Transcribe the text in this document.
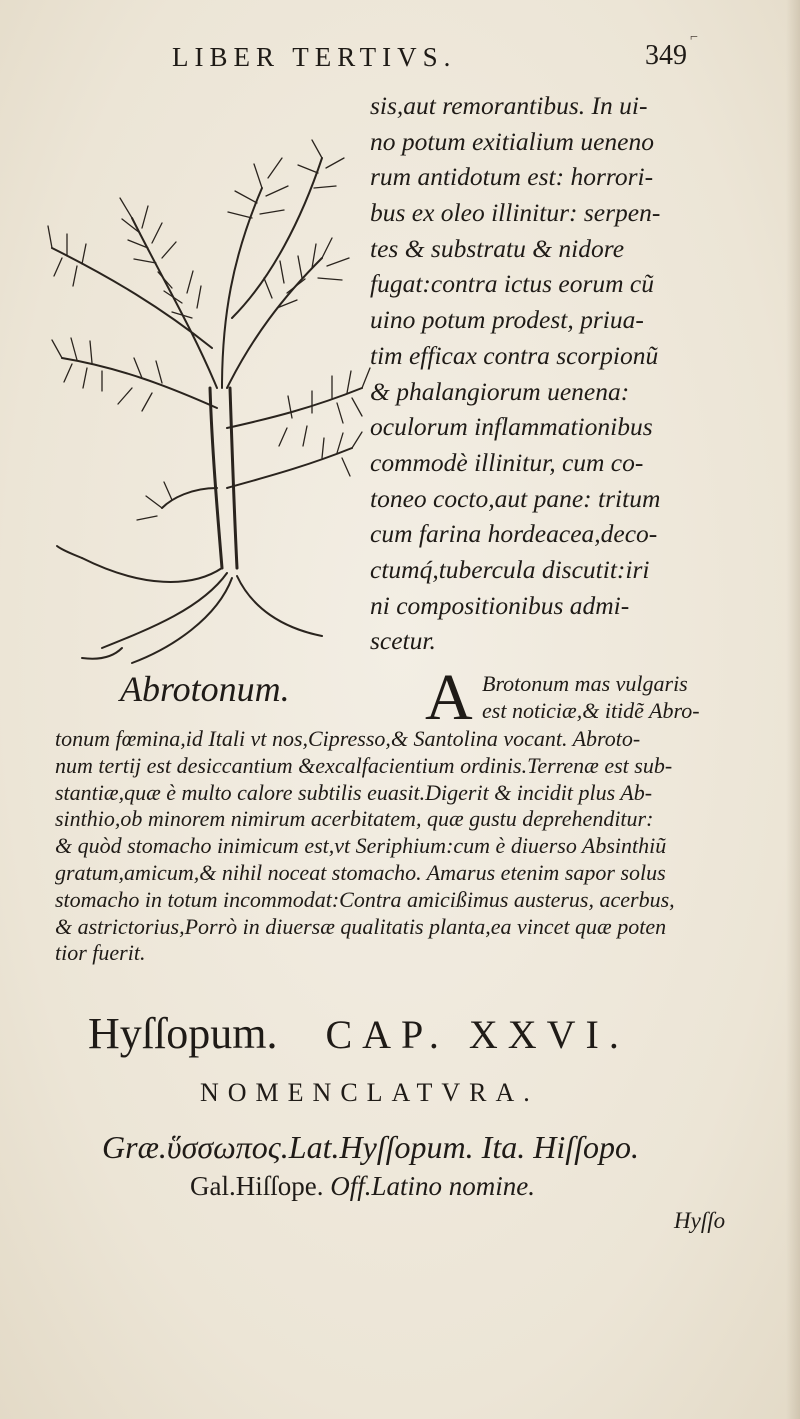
LIBER TERTIVS.	349
⌐
sis,aut remorantibus. In ui-
no potum exitialium ueneno
rum antidotum est: horrori-
bus ex oleo illinitur: serpen-
tes & substratu & nidore
fugat:contra ictus eorum cũ
uino potum prodest, priua-
tim efficax contra scorpionũ
& phalangiorum uenena:
oculorum inflammationibus
commodè illinitur, cum co-
toneo cocto,aut pane: tritum
cum farina hordeacea,deco-
ctumq́,tubercula discutit:iri
ni compositionibus admi-
scetur.
Abrotonum. A Brotonum mas vulgaris
est noticiæ,& itidẽ Abro-
tonum fœmina,id Itali vt nos,Cipresso,& Santolina vocant. Abroto-
num tertij est desiccantium &excalfacientium ordinis.Terrenæ est sub-
stantiæ,quæ è multo calore subtilis euasit.Digerit & incidit plus Ab-
sinthio,ob minorem nimirum acerbitatem, quæ gustu deprehenditur:
& quòd stomacho inimicum est,vt Seriphium:cum è diuerso Absinthiũ
gratum,amicum,& nihil noceat stomacho. Amarus etenim sapor solus
stomacho in totum incommodat:Contra amicißimus austerus, acerbus,
& astrictorius,Porrò in diuersæ qualitatis planta,ea vincet quæ poten
tior fuerit.
Hyſſopum. CAP. XXVI.
NOMENCLATVRA.
Græ.ὕσσωπος.Lat.Hyſſopum. Ita. Hiſſopo.
Gal.Hiſſope. Off.Latino nomine.
Hyſſo
